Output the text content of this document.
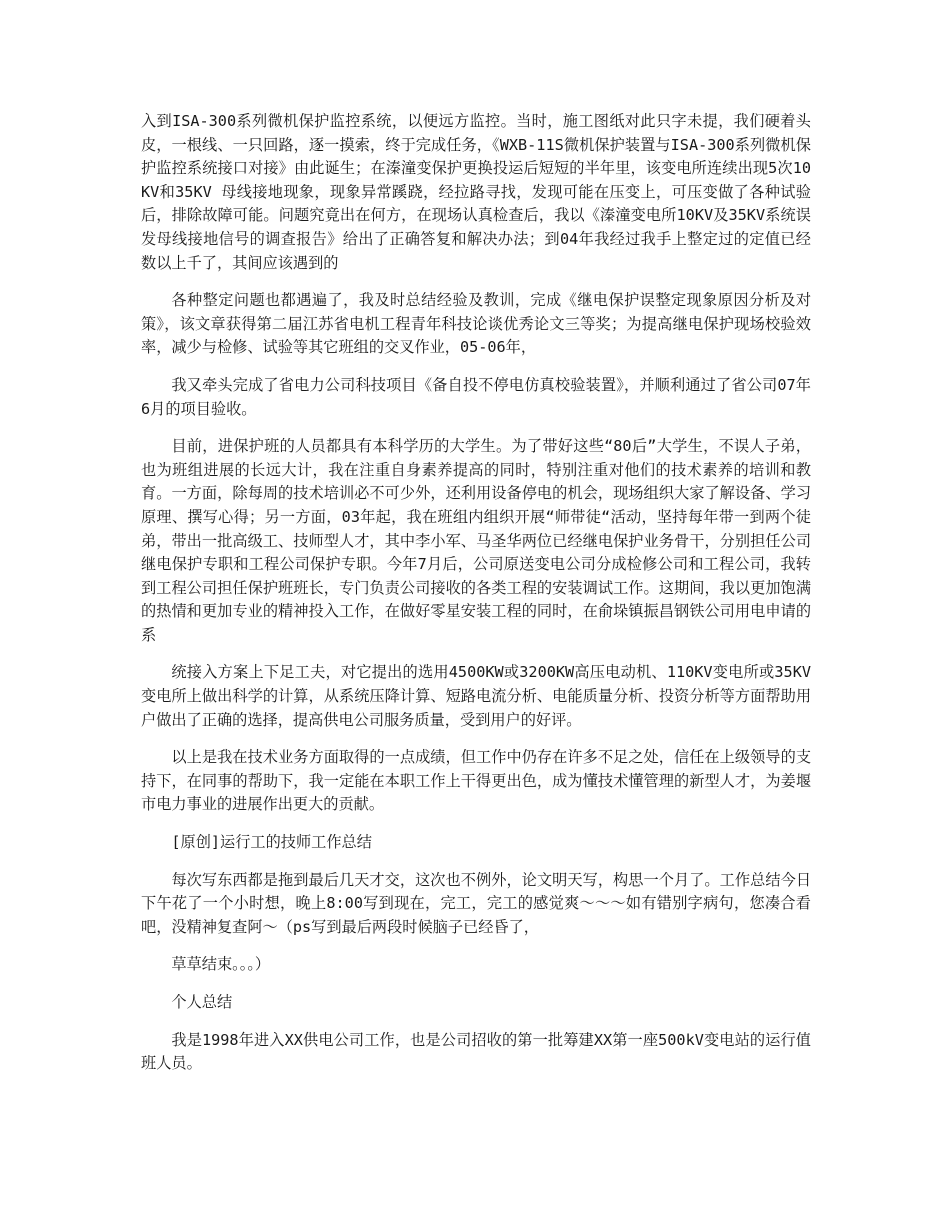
入到ISA-300系列微机保护监控系统，以便远方监控。当时，施工图纸对此只字未提，我们硬着头皮，一根线、一只回路，逐一摸索，终于完成任务，《WXB-11S微机保护装置与ISA-300系列微机保护监控系统接口对接》由此诞生；在溱潼变保护更换投运后短短的半年里，该变电所连续出现5次10KV和35KV 母线接地现象，现象异常蹊跷，经拉路寻找，发现可能在压变上，可压变做了各种试验后，排除故障可能。问题究竟出在何方，在现场认真检查后，我以《溱潼变电所10KV及35KV系统误发母线接地信号的调查报告》给出了正确答复和解决办法；到04年我经过我手上整定过的定值已经数以上千了，其间应该遇到的

各种整定问题也都遇遍了，我及时总结经验及教训，完成《继电保护误整定现象原因分析及对策》，该文章获得第二届江苏省电机工程青年科技论谈优秀论文三等奖；为提高继电保护现场校验效率，减少与检修、试验等其它班组的交叉作业，05-06年，

我又牵头完成了省电力公司科技项目《备自投不停电仿真校验装置》，并顺利通过了省公司07年6月的项目验收。

目前，进保护班的人员都具有本科学历的大学生。为了带好这些“80后”大学生，不误人子弟，也为班组进展的长远大计，我在注重自身素养提高的同时，特别注重对他们的技术素养的培训和教育。一方面，除每周的技术培训必不可少外，还利用设备停电的机会，现场组织大家了解设备、学习原理、撰写心得；另一方面，03年起，我在班组内组织开展“师带徒“活动，坚持每年带一到两个徒弟，带出一批高级工、技师型人才，其中李小军、马圣华两位已经继电保护业务骨干，分别担任公司继电保护专职和工程公司保护专职。今年7月后，公司原送变电公司分成检修公司和工程公司，我转到工程公司担任保护班班长，专门负责公司接收的各类工程的安装调试工作。这期间，我以更加饱满的热情和更加专业的精神投入工作，在做好零星安装工程的同时，在俞垛镇振昌钢铁公司用电申请的系

统接入方案上下足工夫，对它提出的选用4500KW或3200KW高压电动机、110KV变电所或35KV变电所上做出科学的计算，从系统压降计算、短路电流分析、电能质量分析、投资分析等方面帮助用户做出了正确的选择，提高供电公司服务质量，受到用户的好评。

以上是我在技术业务方面取得的一点成绩，但工作中仍存在许多不足之处，信任在上级领导的支持下，在同事的帮助下，我一定能在本职工作上干得更出色，成为懂技术懂管理的新型人才，为姜堰市电力事业的进展作出更大的贡献。

[原创]运行工的技师工作总结

每次写东西都是拖到最后几天才交，这次也不例外，论文明天写，构思一个月了。工作总结今日下午花了一个小时想，晚上8:00写到现在，完工，完工的感觉爽～～～如有错别字病句，您凑合看吧，没精神复查阿～（ps写到最后两段时候脑子已经昏了，

草草结束。。。）

个人总结

我是1998年进入XX供电公司工作，也是公司招收的第一批筹建XX第一座500kV变电站的运行值班人员。
